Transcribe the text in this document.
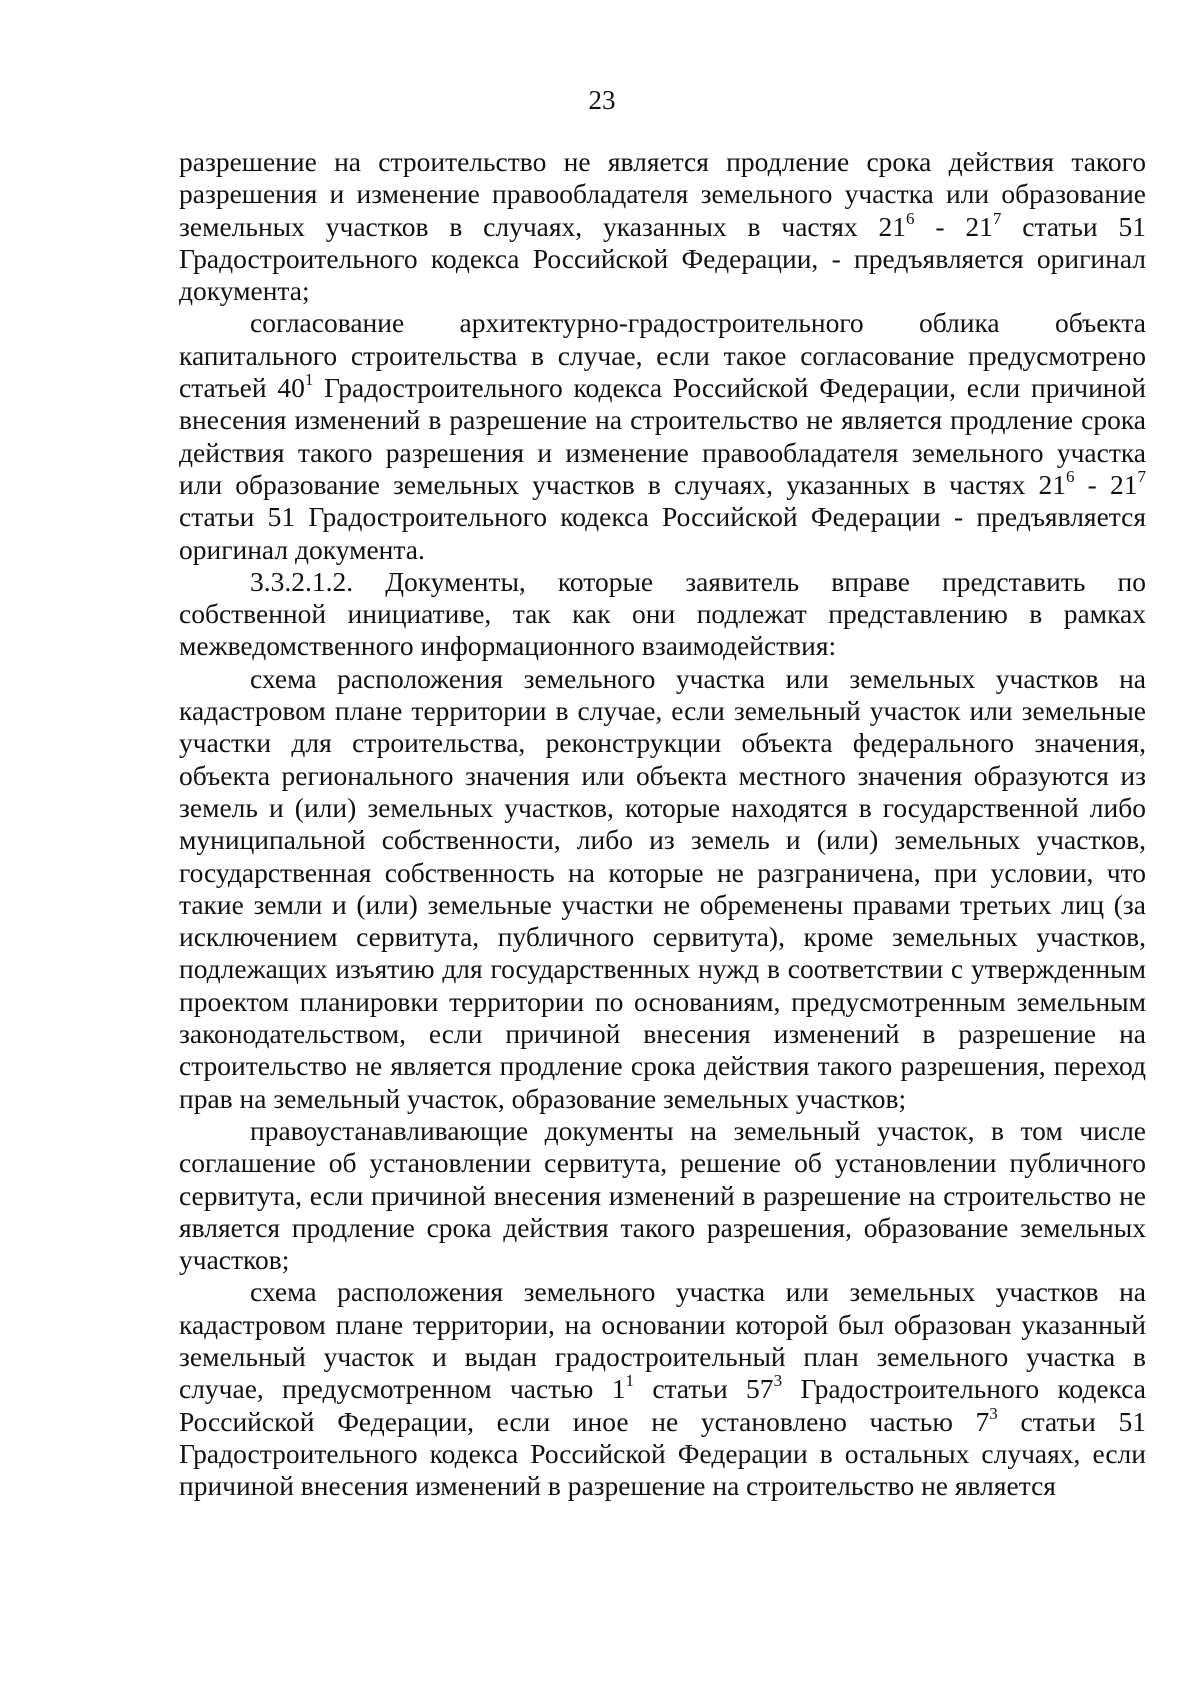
23

разрешение на строительство не является продление срока действия такого разрешения и изменение правообладателя земельного участка или образование земельных участков в случаях, указанных в частях $21^6 - 21^7$ статьи 51 Градостроительного кодекса Российской Федерации, - предъявляется оригинал документа;

согласование архитектурно-градостроительного облика объекта капитального строительства в случае, если такое согласование предусмотрено статьей $40^1$ Градостроительного кодекса Российской Федерации, если причиной внесения изменений в разрешение на строительство не является продление срока действия такого разрешения и изменение правообладателя земельного участка или образование земельных участков в случаях, указанных в частях $21^6 - 21^7$ статьи 51 Градостроительного кодекса Российской Федерации - предъявляется оригинал документа.

3.3.2.1.2. Документы, которые заявитель вправе представить по собственной инициативе, так как они подлежат представлению в рамках межведомственного информационного взаимодействия:

схема расположения земельного участка или земельных участков на кадастровом плане территории в случае, если земельный участок или земельные участки для строительства, реконструкции объекта федерального значения, объекта регионального значения или объекта местного значения образуются из земель и (или) земельных участков, которые находятся в государственной либо муниципальной собственности, либо из земель и (или) земельных участков, государственная собственность на которые не разграничена, при условии, что такие земли и (или) земельные участки не обременены правами третьих лиц (за исключением сервитута, публичного сервитута), кроме земельных участков, подлежащих изъятию для государственных нужд в соответствии с утвержденным проектом планировки территории по основаниям, предусмотренным земельным законодательством, если причиной внесения изменений в разрешение на строительство не является продление срока действия такого разрешения, переход прав на земельный участок, образование земельных участков;

правоустанавливающие документы на земельный участок, в том числе соглашение об установлении сервитута, решение об установлении публичного сервитута, если причиной внесения изменений в разрешение на строительство не является продление срока действия такого разрешения, образование земельных участков;

схема расположения земельного участка или земельных участков на кадастровом плане территории, на основании которой был образован указанный земельный участок и выдан градостроительный план земельного участка в случае, предусмотренном частью $1^1$ статьи $57^3$ Градостроительного кодекса Российской Федерации, если иное не установлено частью $7^3$ статьи 51 Градостроительного кодекса Российской Федерации в остальных случаях, если причиной внесения изменений в разрешение на строительство не является
